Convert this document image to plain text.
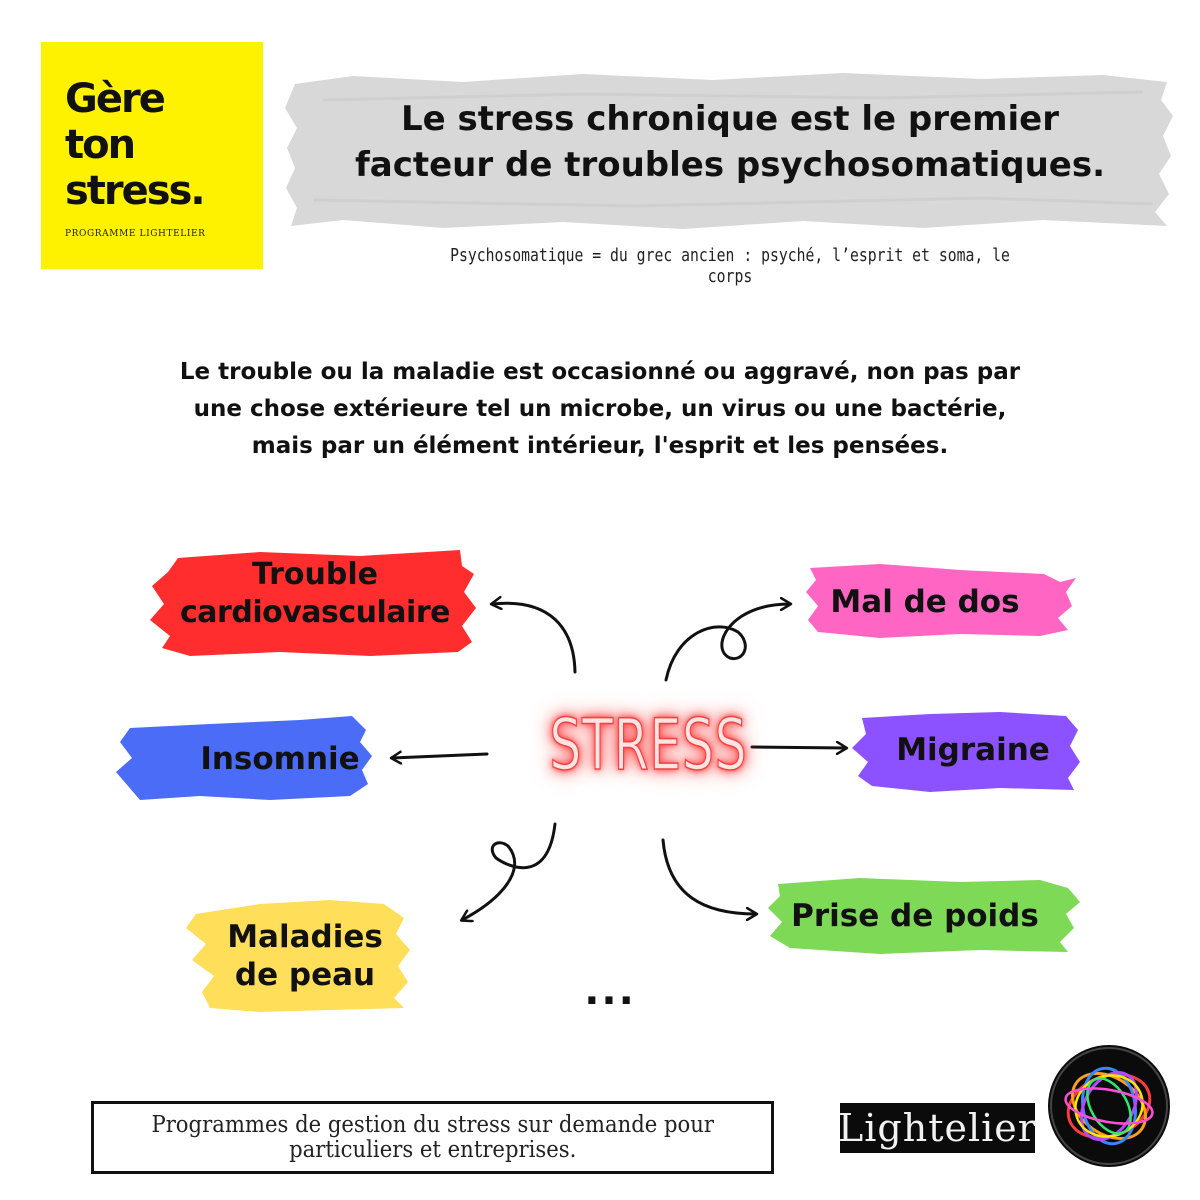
Gère
ton
stress.
PROGRAMME LIGHTELIER
Le stress chronique est le premier
facteur de troubles psychosomatiques.
Psychosomatique = du grec ancien : psyché, l’esprit et soma, le corps

Le trouble ou la maladie est occasionné ou aggravé, non pas par
une chose extérieure tel un microbe, un virus ou une bactérie,
mais par un élément intérieur, l'esprit et les pensées.

Trouble
cardiovasculaire
Insomnie
Maladies
de peau
Mal de dos
Migraine
Prise de poids
STRESS
...

Programmes de gestion du stress sur demande pour
particuliers et entreprises.	Lightelier
